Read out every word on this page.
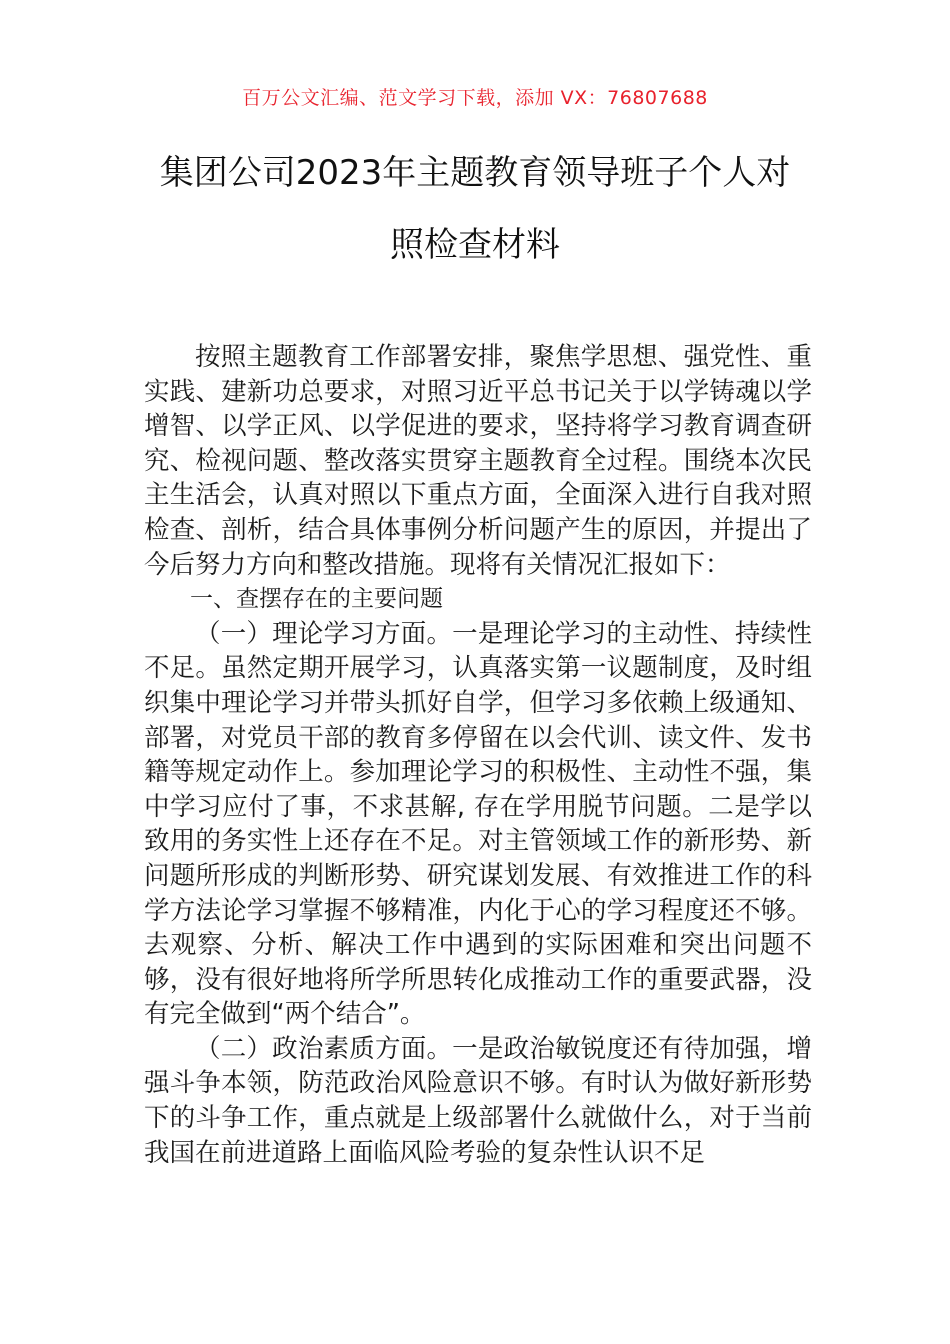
百万公文汇编、范文学习下载，添加 VX：76807688
集团公司2023年主题教育领导班子个人对
照检查材料

按照主题教育工作部署安排，聚焦学思想、强党性、重实践、建新功总要求，对照习近平总书记关于以学铸魂以学增智、以学正风、以学促进的要求，坚持将学习教育调查研究、检视问题、整改落实贯穿主题教育全过程。围绕本次民主生活会，认真对照以下重点方面，全面深入进行自我对照检查、剖析，结合具体事例分析问题产生的原因，并提出了今后努力方向和整改措施。现将有关情况汇报如下：

一、查摆存在的主要问题

（一）理论学习方面。一是理论学习的主动性、持续性不足。虽然定期开展学习，认真落实第一议题制度，及时组织集中理论学习并带头抓好自学，但学习多依赖上级通知、部署，对党员干部的教育多停留在以会代训、读文件、发书籍等规定动作上。参加理论学习的积极性、主动性不强，集中学习应付了事，不求甚解, 存在学用脱节问题。二是学以致用的务实性上还存在不足。对主管领域工作的新形势、新问题所形成的判断形势、研究谋划发展、有效推进工作的科学方法论学习掌握不够精准，内化于心的学习程度还不够。去观察、分析、解决工作中遇到的实际困难和突出问题不够，没有很好地将所学所思转化成推动工作的重要武器，没有完全做到“两个结合”。

（二）政治素质方面。一是政治敏锐度还有待加强，增强斗争本领，防范政治风险意识不够。有时认为做好新形势下的斗争工作，重点就是上级部署什么就做什么，对于当前我国在前进道路上面临风险考验的复杂性认识不足
